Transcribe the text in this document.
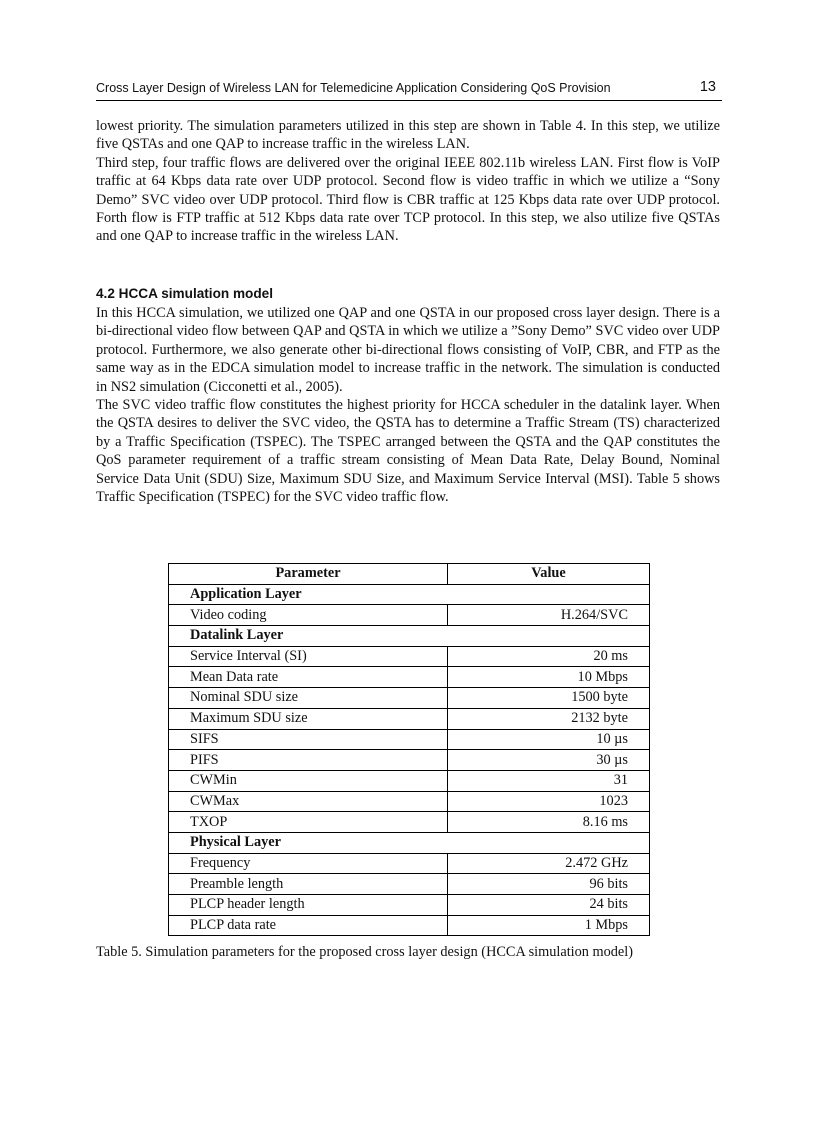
Cross Layer Design of Wireless LAN for Telemedicine Application Considering QoS Provision	13

lowest priority. The simulation parameters utilized in this step are shown in Table 4. In this step, we utilize five QSTAs and one QAP to increase traffic in the wireless LAN.

Third step, four traffic flows are delivered over the original IEEE 802.11b wireless LAN. First flow is VoIP traffic at 64 Kbps data rate over UDP protocol. Second flow is video traffic in which we utilize a “Sony Demo” SVC video over UDP protocol. Third flow is CBR traffic at 125 Kbps data rate over UDP protocol. Forth flow is FTP traffic at 512 Kbps data rate over TCP protocol. In this step, we also utilize five QSTAs and one QAP to increase traffic in the wireless LAN.

4.2 HCCA simulation model

In this HCCA simulation, we utilized one QAP and one QSTA in our proposed cross layer design. There is a bi-directional video flow between QAP and QSTA in which we utilize a ”Sony Demo” SVC video over UDP protocol. Furthermore, we also generate other bi-directional flows consisting of VoIP, CBR, and FTP as the same way as in the EDCA simulation model to increase traffic in the network. The simulation is conducted in NS2 simulation (Cicconetti et al., 2005).

The SVC video traffic flow constitutes the highest priority for HCCA scheduler in the datalink layer. When the QSTA desires to deliver the SVC video, the QSTA has to determine a Traffic Stream (TS) characterized by a Traffic Specification (TSPEC). The TSPEC arranged between the QSTA and the QAP constitutes the QoS parameter requirement of a traffic stream consisting of Mean Data Rate, Delay Bound, Nominal Service Data Unit (SDU) Size, Maximum SDU Size, and Maximum Service Interval (MSI). Table 5 shows Traffic Specification (TSPEC) for the SVC video traffic flow.

Parameter	Value
Application Layer	
Video coding	H.264/SVC
Datalink Layer	
Service Interval (SI)	20 ms
Mean Data rate	10 Mbps
Nominal SDU size	1500 byte
Maximum SDU size	2132 byte
SIFS	10 µs
PIFS	30 µs
CWMin	31
CWMax	1023
TXOP	8.16 ms
Physical Layer	
Frequency	2.472 GHz
Preamble length	96 bits
PLCP header length	24 bits
PLCP data rate	1 Mbps
Table 5. Simulation parameters for the proposed cross layer design (HCCA simulation model)
